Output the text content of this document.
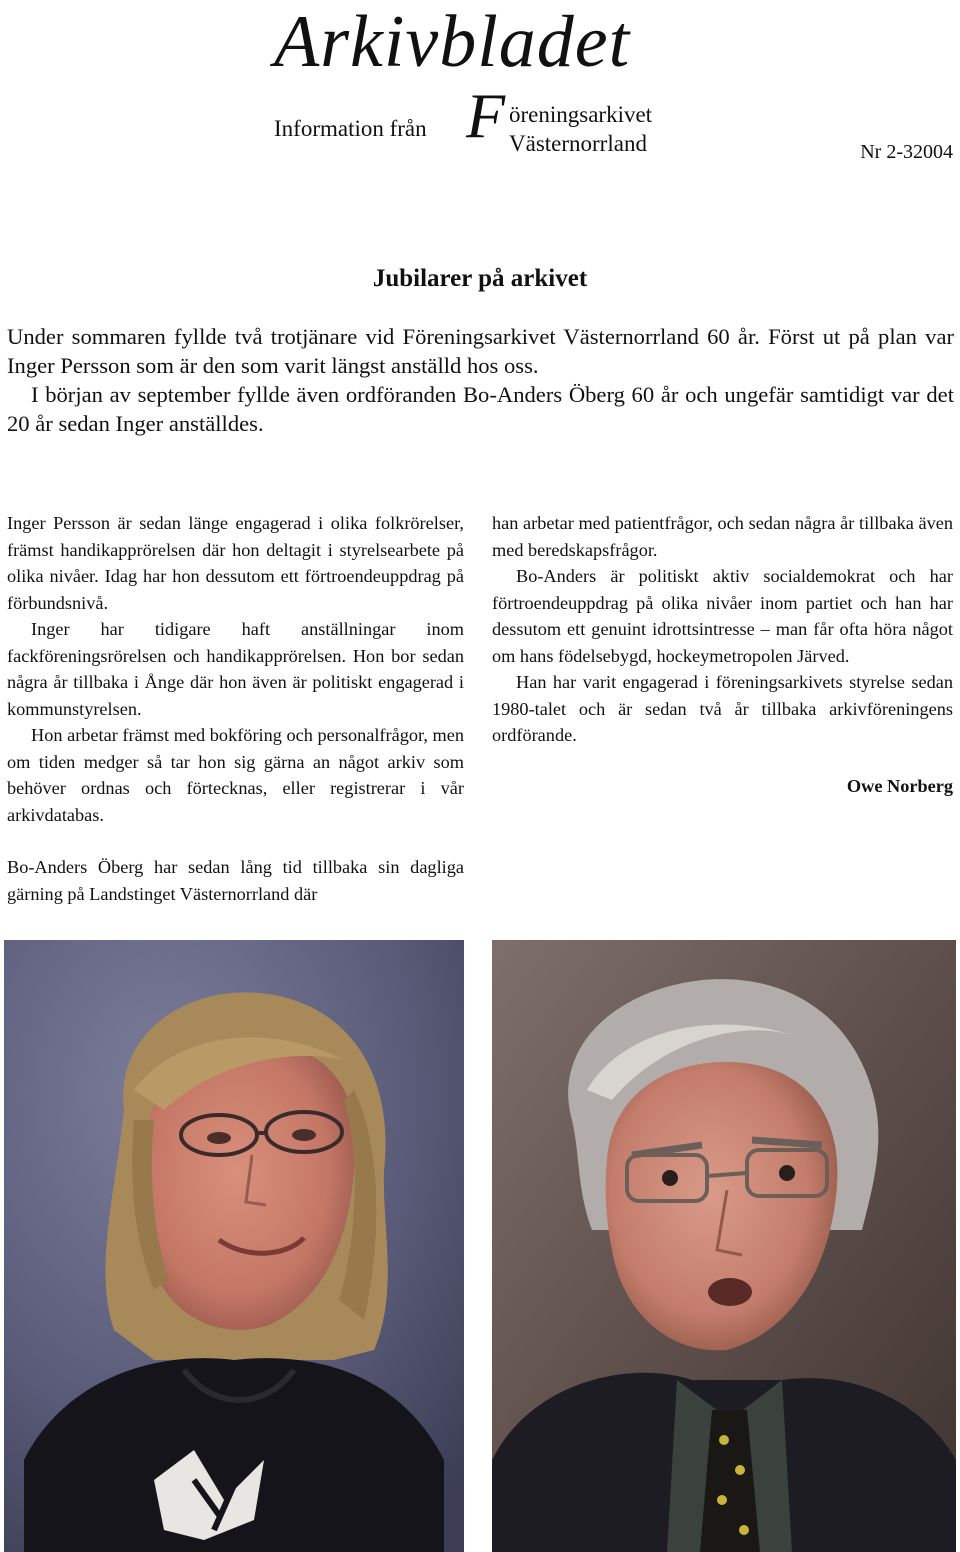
Arkivbladet
Information från F öreningsarkivet
Västernorrland	Nr 2-32004
Jubilarer på arkivet
Under sommaren fyllde två trotjänare vid Föreningsarkivet Västernorrland 60 år. Först ut på plan var Inger Persson som är den som varit längst anställd hos oss.
I början av september fyllde även ordföranden Bo-Anders Öberg 60 år och ungefär samtidigt var det 20 år sedan Inger anställdes.

Inger Persson är sedan länge engagerad i olika folkrörelser, främst handikapprörelsen där hon deltagit i styrelsearbete på olika nivåer. Idag har hon dessutom ett förtroendeuppdrag på förbundsnivå.

Inger har tidigare haft anställningar inom fackföreningsrörelsen och handikapprörelsen. Hon bor sedan några år tillbaka i Ånge där hon även är politiskt engagerad i kommunstyrelsen.

Hon arbetar främst med bokföring och personalfrågor, men om tiden medger så tar hon sig gärna an något arkiv som behöver ordnas och förtecknas, eller registrerar i vår arkivdatabas.

Bo-Anders Öberg har sedan lång tid tillbaka sin dagliga gärning på Landstinget Västernorrland där

han arbetar med patientfrågor, och sedan några år tillbaka även med beredskapsfrågor.

Bo-Anders är politiskt aktiv socialdemokrat och har förtroendeuppdrag på olika nivåer inom partiet och han har dessutom ett genuint idrottsintresse – man får ofta höra något om hans födelsebygd, hockeymetropolen Järved.

Han har varit engagerad i föreningsarkivets styrelse sedan 1980-talet och är sedan två år tillbaka arkivföreningens ordförande.

Owe Norberg
